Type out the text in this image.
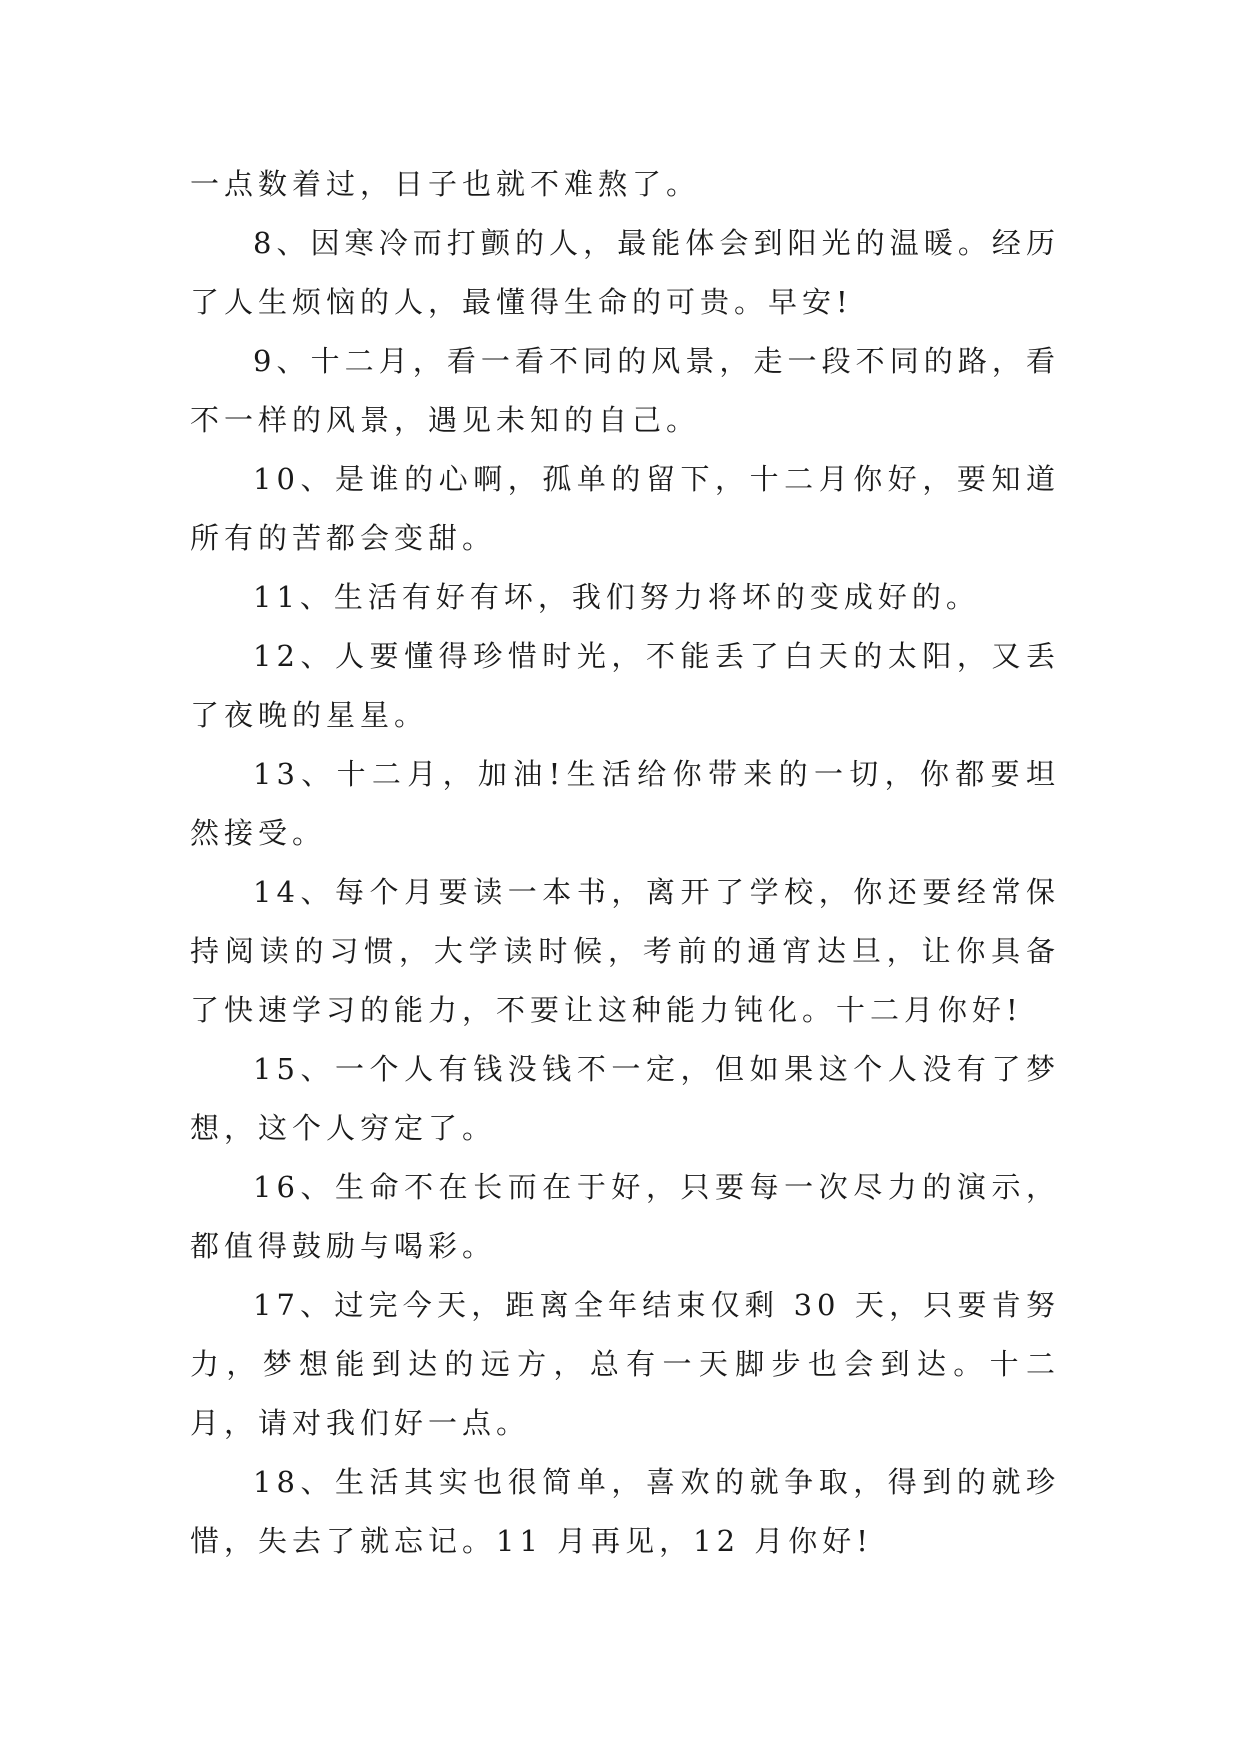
一点数着过，日子也就不难熬了。

8、因寒冷而打颤的人，最能体会到阳光的温暖。经历了人生烦恼的人，最懂得生命的可贵。早安!

9、十二月，看一看不同的风景，走一段不同的路，看不一样的风景，遇见未知的自己。

10、是谁的心啊，孤单的留下，十二月你好，要知道所有的苦都会变甜。

11、生活有好有坏，我们努力将坏的变成好的。

12、人要懂得珍惜时光，不能丢了白天的太阳，又丢了夜晚的星星。

13、十二月，加油!生活给你带来的一切，你都要坦然接受。

14、每个月要读一本书，离开了学校，你还要经常保持阅读的习惯，大学读时候，考前的通宵达旦，让你具备了快速学习的能力，不要让这种能力钝化。十二月你好!

15、一个人有钱没钱不一定，但如果这个人没有了梦想，这个人穷定了。

16、生命不在长而在于好，只要每一次尽力的演示，都值得鼓励与喝彩。

17、过完今天，距离全年结束仅剩 30 天，只要肯努力，梦想能到达的远方，总有一天脚步也会到达。十二月，请对我们好一点。

18、生活其实也很简单，喜欢的就争取，得到的就珍惜，失去了就忘记。11 月再见，12 月你好!
